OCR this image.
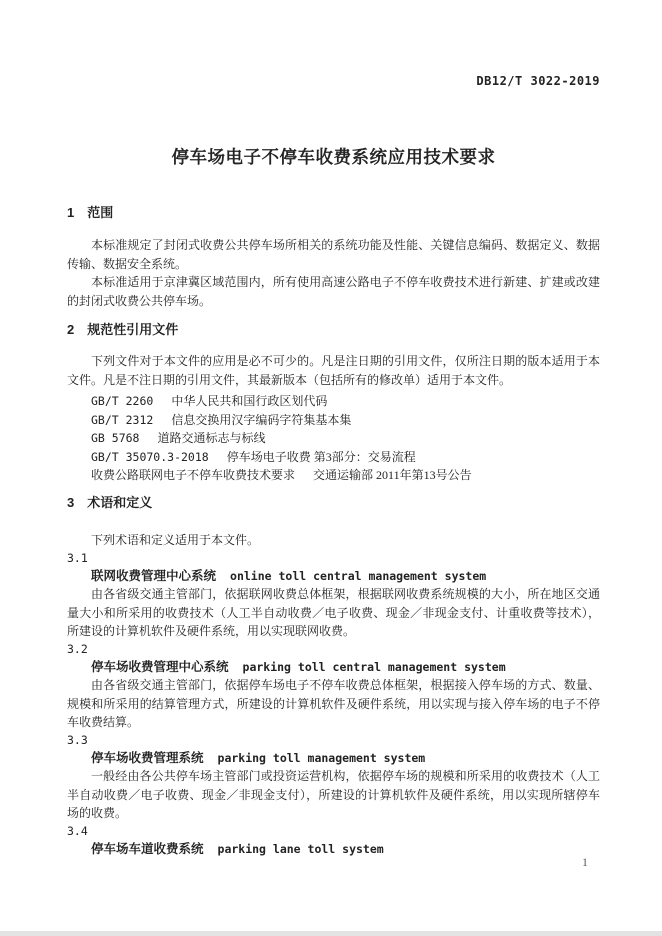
DB12/T 3022-2019
停车场电子不停车收费系统应用技术要求
1 范围

本标准规定了封闭式收费公共停车场所相关的系统功能及性能、关键信息编码、数据定义、数据传输、数据安全系统。

本标准适用于京津冀区域范围内，所有使用高速公路电子不停车收费技术进行新建、扩建或改建的封闭式收费公共停车场。

2 规范性引用文件

下列文件对于本文件的应用是必不可少的。凡是注日期的引用文件，仅所注日期的版本适用于本文件。凡是不注日期的引用文件，其最新版本（包括所有的修改单）适用于本文件。

GB/T 2260 中华人民共和国行政区划代码
GB/T 2312 信息交换用汉字编码字符集基本集
GB 5768 道路交通标志与标线
GB/T 35070.3-2018 停车场电子收费 第3部分：交易流程
收费公路联网电子不停车收费技术要求 交通运输部 2011年第13号公告
3 术语和定义

下列术语和定义适用于本文件。

3.1

联网收费管理中心系统 online toll central management system

由各省级交通主管部门，依据联网收费总体框架，根据联网收费系统规模的大小，所在地区交通量大小和所采用的收费技术（人工半自动收费／电子收费、现金／非现金支付、计重收费等技术），所建设的计算机软件及硬件系统，用以实现联网收费。

3.2

停车场收费管理中心系统 parking toll central management system

由各省级交通主管部门，依据停车场电子不停车收费总体框架，根据接入停车场的方式、数量、规模和所采用的结算管理方式，所建设的计算机软件及硬件系统，用以实现与接入停车场的电子不停车收费结算。

3.3

停车场收费管理系统 parking toll management system

一般经由各公共停车场主管部门或投资运营机构，依据停车场的规模和所采用的收费技术（人工半自动收费／电子收费、现金／非现金支付），所建设的计算机软件及硬件系统，用以实现所辖停车场的收费。

3.4

停车场车道收费系统 parking lane toll system

1
